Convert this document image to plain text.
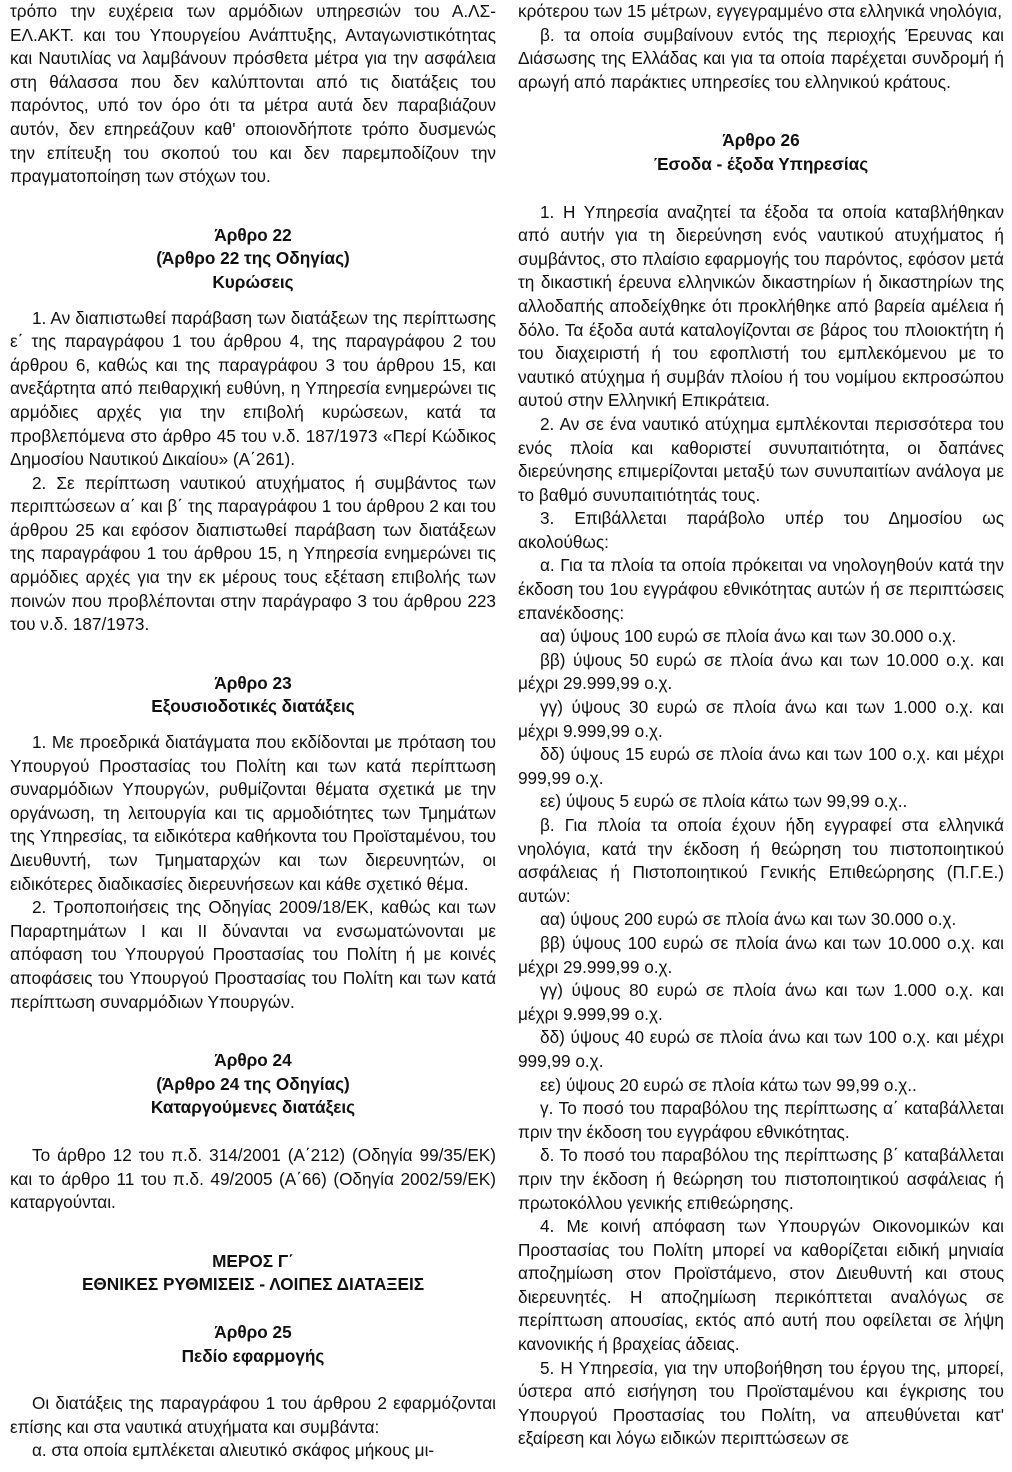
τρόπο την ευχέρεια των αρμόδιων υπηρεσιών του Α.ΛΣ-ΕΛ.ΑΚΤ. και του Υπουργείου Ανάπτυξης, Ανταγωνιστικότητας και Ναυτιλίας να λαμβάνουν πρόσθετα μέτρα για την ασφάλεια στη θάλασσα που δεν καλύπτονται από τις διατάξεις του παρόντος, υπό τον όρο ότι τα μέτρα αυτά δεν παραβιάζουν αυτόν, δεν επηρεάζουν καθ' οποιονδήποτε τρόπο δυσμενώς την επίτευξη του σκοπού του και δεν παρεμποδίζουν την πραγματοποίηση των στόχων του.

Άρθρο 22
(Άρθρο 22 της Οδηγίας)
Κυρώσεις

1. Αν διαπιστωθεί παράβαση των διατάξεων της περίπτωσης ε΄ της παραγράφου 1 του άρθρου 4, της παραγράφου 2 του άρθρου 6, καθώς και της παραγράφου 3 του άρθρου 15, και ανεξάρτητα από πειθαρχική ευθύνη, η Υπηρεσία ενημερώνει τις αρμόδιες αρχές για την επιβολή κυρώσεων, κατά τα προβλεπόμενα στο άρθρο 45 του ν.δ. 187/1973 «Περί Κώδικος Δημοσίου Ναυτικού Δικαίου» (Α΄261).

2. Σε περίπτωση ναυτικού ατυχήματος ή συμβάντος των περιπτώσεων α΄ και β΄ της παραγράφου 1 του άρθρου 2 και του άρθρου 25 και εφόσον διαπιστωθεί παράβαση των διατάξεων της παραγράφου 1 του άρθρου 15, η Υπηρεσία ενημερώνει τις αρμόδιες αρχές για την εκ μέρους τους εξέταση επιβολής των ποινών που προβλέπονται στην παράγραφο 3 του άρθρου 223 του ν.δ. 187/1973.

Άρθρο 23
Εξουσιοδοτικές διατάξεις

1. Με προεδρικά διατάγματα που εκδίδονται με πρόταση του Υπουργού Προστασίας του Πολίτη και των κατά περίπτωση συναρμόδιων Υπουργών, ρυθμίζονται θέματα σχετικά με την οργάνωση, τη λειτουργία και τις αρμοδιότητες των Τμημάτων της Υπηρεσίας, τα ειδικότερα καθήκοντα του Προϊσταμένου, του Διευθυντή, των Τμηματαρχών και των διερευνητών, οι ειδικότερες διαδικασίες διερευνήσεων και κάθε σχετικό θέμα.

2. Τροποποιήσεις της Οδηγίας 2009/18/ΕΚ, καθώς και των Παραρτημάτων Ι και ΙΙ δύνανται να ενσωματώνονται με απόφαση του Υπουργού Προστασίας του Πολίτη ή με κοινές αποφάσεις του Υπουργού Προστασίας του Πολίτη και των κατά περίπτωση συναρμόδιων Υπουργών.

Άρθρο 24
(Άρθρο 24 της Οδηγίας)
Καταργούμενες διατάξεις

Το άρθρο 12 του π.δ. 314/2001 (Α΄212) (Οδηγία 99/35/ΕΚ) και το άρθρο 11 του π.δ. 49/2005 (Α΄66) (Οδηγία 2002/59/ΕΚ) καταργούνται.

ΜΕΡΟΣ Γ΄
ΕΘΝΙΚΕΣ ΡΥΘΜΙΣΕΙΣ - ΛΟΙΠΕΣ ΔΙΑΤΑΞΕΙΣ
Άρθρο 25
Πεδίο εφαρμογής

Οι διατάξεις της παραγράφου 1 του άρθρου 2 εφαρμόζονται επίσης και στα ναυτικά ατυχήματα και συμβάντα:

α. στα οποία εμπλέκεται αλιευτικό σκάφος μήκους μι-

κρότερου των 15 μέτρων, εγγεγραμμένο στα ελληνικά νηολόγια,

β. τα οποία συμβαίνουν εντός της περιοχής Έρευνας και Διάσωσης της Ελλάδας και για τα οποία παρέχεται συνδρομή ή αρωγή από παράκτιες υπηρεσίες του ελληνικού κράτους.

Άρθρο 26
Έσοδα - έξοδα Υπηρεσίας

1. Η Υπηρεσία αναζητεί τα έξοδα τα οποία καταβλήθηκαν από αυτήν για τη διερεύνηση ενός ναυτικού ατυχήματος ή συμβάντος, στο πλαίσιο εφαρμογής του παρόντος, εφόσον μετά τη δικαστική έρευνα ελληνικών δικαστηρίων ή δικαστηρίων της αλλοδαπής αποδείχθηκε ότι προκλήθηκε από βαρεία αμέλεια ή δόλο. Τα έξοδα αυτά καταλογίζονται σε βάρος του πλοιοκτήτη ή του διαχειριστή ή του εφοπλιστή του εμπλεκόμενου με το ναυτικό ατύχημα ή συμβάν πλοίου ή του νομίμου εκπροσώπου αυτού στην Ελληνική Επικράτεια.

2. Αν σε ένα ναυτικό ατύχημα εμπλέκονται περισσότερα του ενός πλοία και καθοριστεί συνυπαιτιότητα, οι δαπάνες διερεύνησης επιμερίζονται μεταξύ των συνυπαιτίων ανάλογα με το βαθμό συνυπαιτιότητάς τους.

3. Επιβάλλεται παράβολο υπέρ του Δημοσίου ως ακολούθως:

α. Για τα πλοία τα οποία πρόκειται να νηολογηθούν κατά την έκδοση του 1ου εγγράφου εθνικότητας αυτών ή σε περιπτώσεις επανέκδοσης:

αα) ύψους 100 ευρώ σε πλοία άνω και των 30.000 ο.χ.

ββ) ύψους 50 ευρώ σε πλοία άνω και των 10.000 ο.χ. και μέχρι 29.999,99 ο.χ.

γγ) ύψους 30 ευρώ σε πλοία άνω και των 1.000 ο.χ. και μέχρι 9.999,99 ο.χ.

δδ) ύψους 15 ευρώ σε πλοία άνω και των 100 ο.χ. και μέχρι 999,99 ο.χ.

εε) ύψους 5 ευρώ σε πλοία κάτω των 99,99 ο.χ..

β. Για πλοία τα οποία έχουν ήδη εγγραφεί στα ελληνικά νηολόγια, κατά την έκδοση ή θεώρηση του πιστοποιητικού ασφάλειας ή Πιστοποιητικού Γενικής Επιθεώρησης (Π.Γ.Ε.) αυτών:

αα) ύψους 200 ευρώ σε πλοία άνω και των 30.000 ο.χ.

ββ) ύψους 100 ευρώ σε πλοία άνω και των 10.000 ο.χ. και μέχρι 29.999,99 ο.χ.

γγ) ύψους 80 ευρώ σε πλοία άνω και των 1.000 ο.χ. και μέχρι 9.999,99 ο.χ.

δδ) ύψους 40 ευρώ σε πλοία άνω και των 100 ο.χ. και μέχρι 999,99 ο.χ.

εε) ύψους 20 ευρώ σε πλοία κάτω των 99,99 ο.χ..

γ. Το ποσό του παραβόλου της περίπτωσης α΄ καταβάλλεται πριν την έκδοση του εγγράφου εθνικότητας.

δ. Το ποσό του παραβόλου της περίπτωσης β΄ καταβάλλεται πριν την έκδοση ή θεώρηση του πιστοποιητικού ασφάλειας ή πρωτοκόλλου γενικής επιθεώρησης.

4. Με κοινή απόφαση των Υπουργών Οικονομικών και Προστασίας του Πολίτη μπορεί να καθορίζεται ειδική μηνιαία αποζημίωση στον Προϊστάμενο, στον Διευθυντή και στους διερευνητές. Η αποζημίωση περικόπτεται αναλόγως σε περίπτωση απουσίας, εκτός από αυτή που οφείλεται σε λήψη κανονικής ή βραχείας άδειας.

5. Η Υπηρεσία, για την υποβοήθηση του έργου της, μπορεί, ύστερα από εισήγηση του Προϊσταμένου και έγκρισης του Υπουργού Προστασίας του Πολίτη, να απευθύνεται κατ' εξαίρεση και λόγω ειδικών περιπτώσεων σε
